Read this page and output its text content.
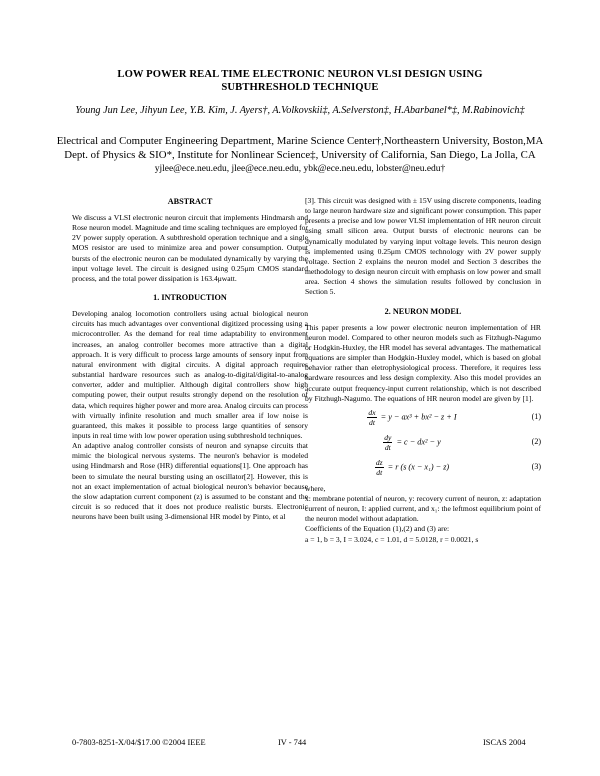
LOW POWER REAL TIME ELECTRONIC NEURON VLSI DESIGN USING
SUBTHRESHOLD TECHNIQUE
Young Jun Lee, Jihyun Lee, Y.B. Kim, J. Ayers†, A.Volkovskii‡, A.Selverston‡, H.Abarbanel*‡, M.Rabinovich‡
Electrical and Computer Engineering Department, Marine Science Center†,Northeastern University, Boston,MA
Dept. of Physics & SIO*, Institute for Nonlinear Science‡, University of California, San Diego, La Jolla, CA
yjlee@ece.neu.edu, jlee@ece.neu.edu, ybk@ece.neu.edu, lobster@neu.edu†
ABSTRACT

We discuss a VLSI electronic neuron circuit that implements Hindmarsh and Rose neuron model. Magnitude and time scaling techniques are employed for 2V power supply operation. A subthreshold operation technique and a single MOS resistor are used to minimize area and power consumption. Output bursts of the electronic neuron can be modulated dynamically by varying the input voltage level. The circuit is designed using 0.25μm CMOS standard process, and the total power dissipation is 163.4μwatt.

1. INTRODUCTION

Developing analog locomotion controllers using actual biological neuron circuits has much advantages over conventional digitized processing using a microcontroller. As the demand for real time adaptability to environment increases, an analog controller becomes more attractive than a digital approach. It is very difficult to process large amounts of sensory input from natural environment with digital circuits. A digital approach requires substantial hardware resources such as analog-to-digital/digital-to-analog converter, adder and multiplier. Although digital controllers show high computing power, their output results strongly depend on the resolution of data, which requires higher power and more area. Analog circuits can process with virtually infinite resolution and much smaller area if low noise is guaranteed, this makes it possible to process large quantities of sensory inputs in real time with low power operation using subthreshold techniques.

An adaptive analog controller consists of neuron and synapse circuits that mimic the biological nervous systems. The neuron's behavior is modeled using Hindmarsh and Rose (HR) differential equations[1]. One approach has been to simulate the neural bursting using an oscillator[2]. However, this is not an exact implementation of actual biological neuron's behavior because the slow adaptation current component (z) is assumed to be constant and the circuit is so reduced that it does not produce realistic bursts. Electronic neurons have been built using 3-dimensional HR model by Pinto, et al

[3]. This circuit was designed with ± 15V using discrete components, leading to large neuron hardware size and significant power consumption. This paper presents a precise and low power VLSI implementation of HR neuron circuit using small silicon area. Output bursts of electronic neurons can be dynamically modulated by varying input voltage levels. This neuron design is implemented using 0.25μm CMOS technology with 2V power supply voltage. Section 2 explains the neuron model and Section 3 describes the methodology to design neuron circuit with emphasis on low power and small area. Section 4 shows the simulation results followed by conclusion in Section 5.

2. NEURON MODEL

This paper presents a low power electronic neuron implementation of HR neuron model. Compared to other neuron models such as Fitzhugh-Nagumo or Hodgkin-Huxley, the HR model has several advantages. The mathematical equations are simpler than Hodgkin-Huxley model, which is based on global behavior rather than eletrophysiological process. Therefore, it requires less hardware resources and less design complexity. Also this model provides an accurate output frequency-input current relationship, which is not described by Fitzhugh-Nagumo. The equations of HR neuron model are given by [1].

$\frac{dx}{dt} = y - ax^3 + bx^2 - z + I$	(1)
$\frac{dy}{dt} = c - dx^2 - y$	(2)
$\frac{dz}{dt} = r$ (s (x − x₁) − z)	(3)

where,

x: membrane potential of neuron, y: recovery current of neuron, z: adaptation current of neuron, I: applied current, and x₁: the leftmost equilibrium point of the neuron model without adaptation.

Coefficients of the Equation (1),(2) and (3) are:

a = 1, b = 3, I = 3.024, c = 1.01, d = 5.0128, r = 0.0021, s

0-7803-8251-X/04/$17.00 ©2004 IEEE	IV - 744	ISCAS 2004
